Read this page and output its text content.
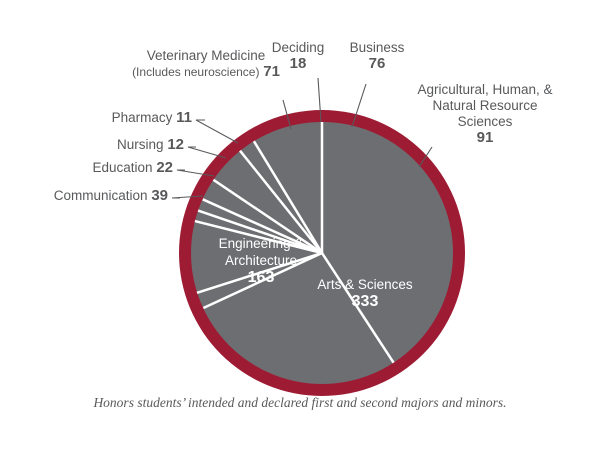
Veterinary Medicine
(Includes neuroscience) 71
Deciding
18
Business
76
Agricultural, Human, &
Natural Resource
Sciences
91
Pharmacy 11
Nursing 12
Education 22
Communication 39
Engineering &
Architecture
163	Arts & Sciences
333
Honors students’ intended and declared first and second majors and minors.
